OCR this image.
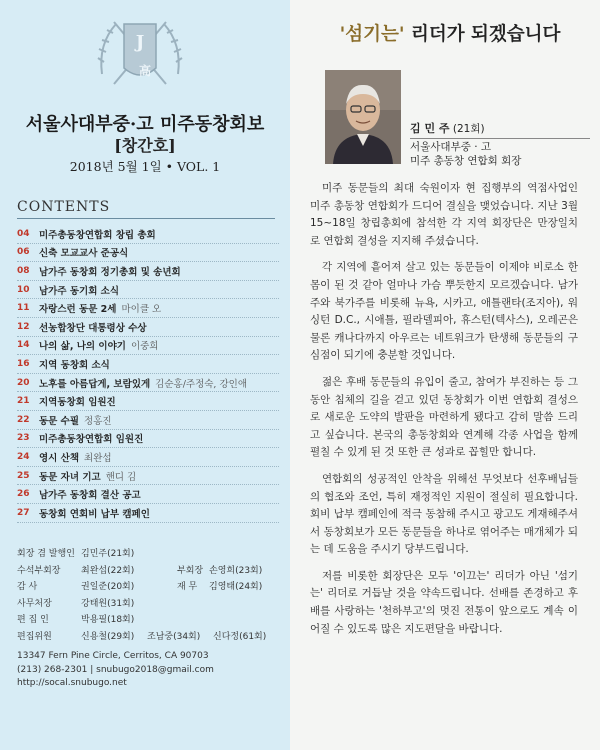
J
高
서울사대부중·고 미주동창회보
[창간호]
2018년 5월 1일 • VOL. 1
CONTENTS
04 미주총동창연합회 창립 총회
06 신축 모교교사 준공식
08 남가주 동창회 정기총회 및 송년회
10 남가주 동기회 소식
11 자랑스런 동문 2세 마이클 오
12 선농합창단 대통령상 수상
14 나의 삶, 나의 이야기 이중희
16 지역 동창회 소식
20 노후를 아름답게, 보람있게 김순홍/주정숙, 강인애
21 지역동창회 임원진
22 동문 수필 정홍진
23 미주총동창연합회 임원진
24 영시 산책 최완섭
25 동문 자녀 기고 핸디 김
26 남가주 동창회 결산 공고
27 동창회 연회비 납부 캠페인
회장 겸 발행인 김민주(21회)
수석부회장 최완섭(22회)	부회장 손영희(23회)
감 사	권일준(20회)	재 무 김영태(24회)
사무처장	강태원(31회)
편 집 인	박용필(18회)
편집위원	신용철(29회) 조남중(34회) 신다정(61회)
13347 Fern Pine Circle, Cerritos, CA 90703
(213) 268-2301 | snubugo2018@gmail.com
http://socal.snubugo.net
'섬기는' 리더가 되겠습니다
김 민 주 (21회)
서울사대부중 · 고
미주 총동창 연합회 회장

미주 동문들의 최대 숙원이자 현 집행부의 역점사업인 미주 총동창 연합회가 드디어 결실을 맺었습니다. 지난 3월 15~18일 창립총회에 참석한 각 지역 회장단은 만장일치로 연합회 결성을 지지해 주셨습니다.

각 지역에 흩어져 살고 있는 동문들이 이제야 비로소 한 몸이 된 것 같아 얼마나 가슴 뿌듯한지 모르겠습니다. 남가주와 북가주를 비롯해 뉴욕, 시카고, 애틀랜타(조지아), 워싱턴 D.C., 시애틀, 필라델피아, 휴스턴(텍사스), 오레곤은 물론 캐나다까지 아우르는 네트워크가 탄생해 동문들의 구심점이 되기에 충분할 것입니다.

젊은 후배 동문들의 유입이 줄고, 참여가 부진하는 등 그동안 침체의 길을 걷고 있던 동창회가 이번 연합회 결성으로 새로운 도약의 발판을 마련하게 됐다고 감히 말씀 드리고 싶습니다. 본국의 총동창회와 연계해 각종 사업을 함께 펼칠 수 있게 된 것 또한 큰 성과로 꼽힐만 합니다.

연합회의 성공적인 안착을 위해선 무엇보다 선후배님들의 협조와 조언, 특히 재정적인 지원이 절실히 필요합니다. 회비 납부 캠페인에 적극 동참해 주시고 광고도 게재해주셔서 동창회보가 모든 동문들을 하나로 엮어주는 매개체가 되는 데 도움을 주시기 당부드립니다.

저를 비롯한 회장단은 모두 '이끄는' 리더가 아닌 '섬기는' 리더로 거듭날 것을 약속드립니다. 선배를 존경하고 후배를 사랑하는 '천하부고'의 멋진 전통이 앞으로도 계속 이어질 수 있도록 많은 지도편달을 바랍니다.
